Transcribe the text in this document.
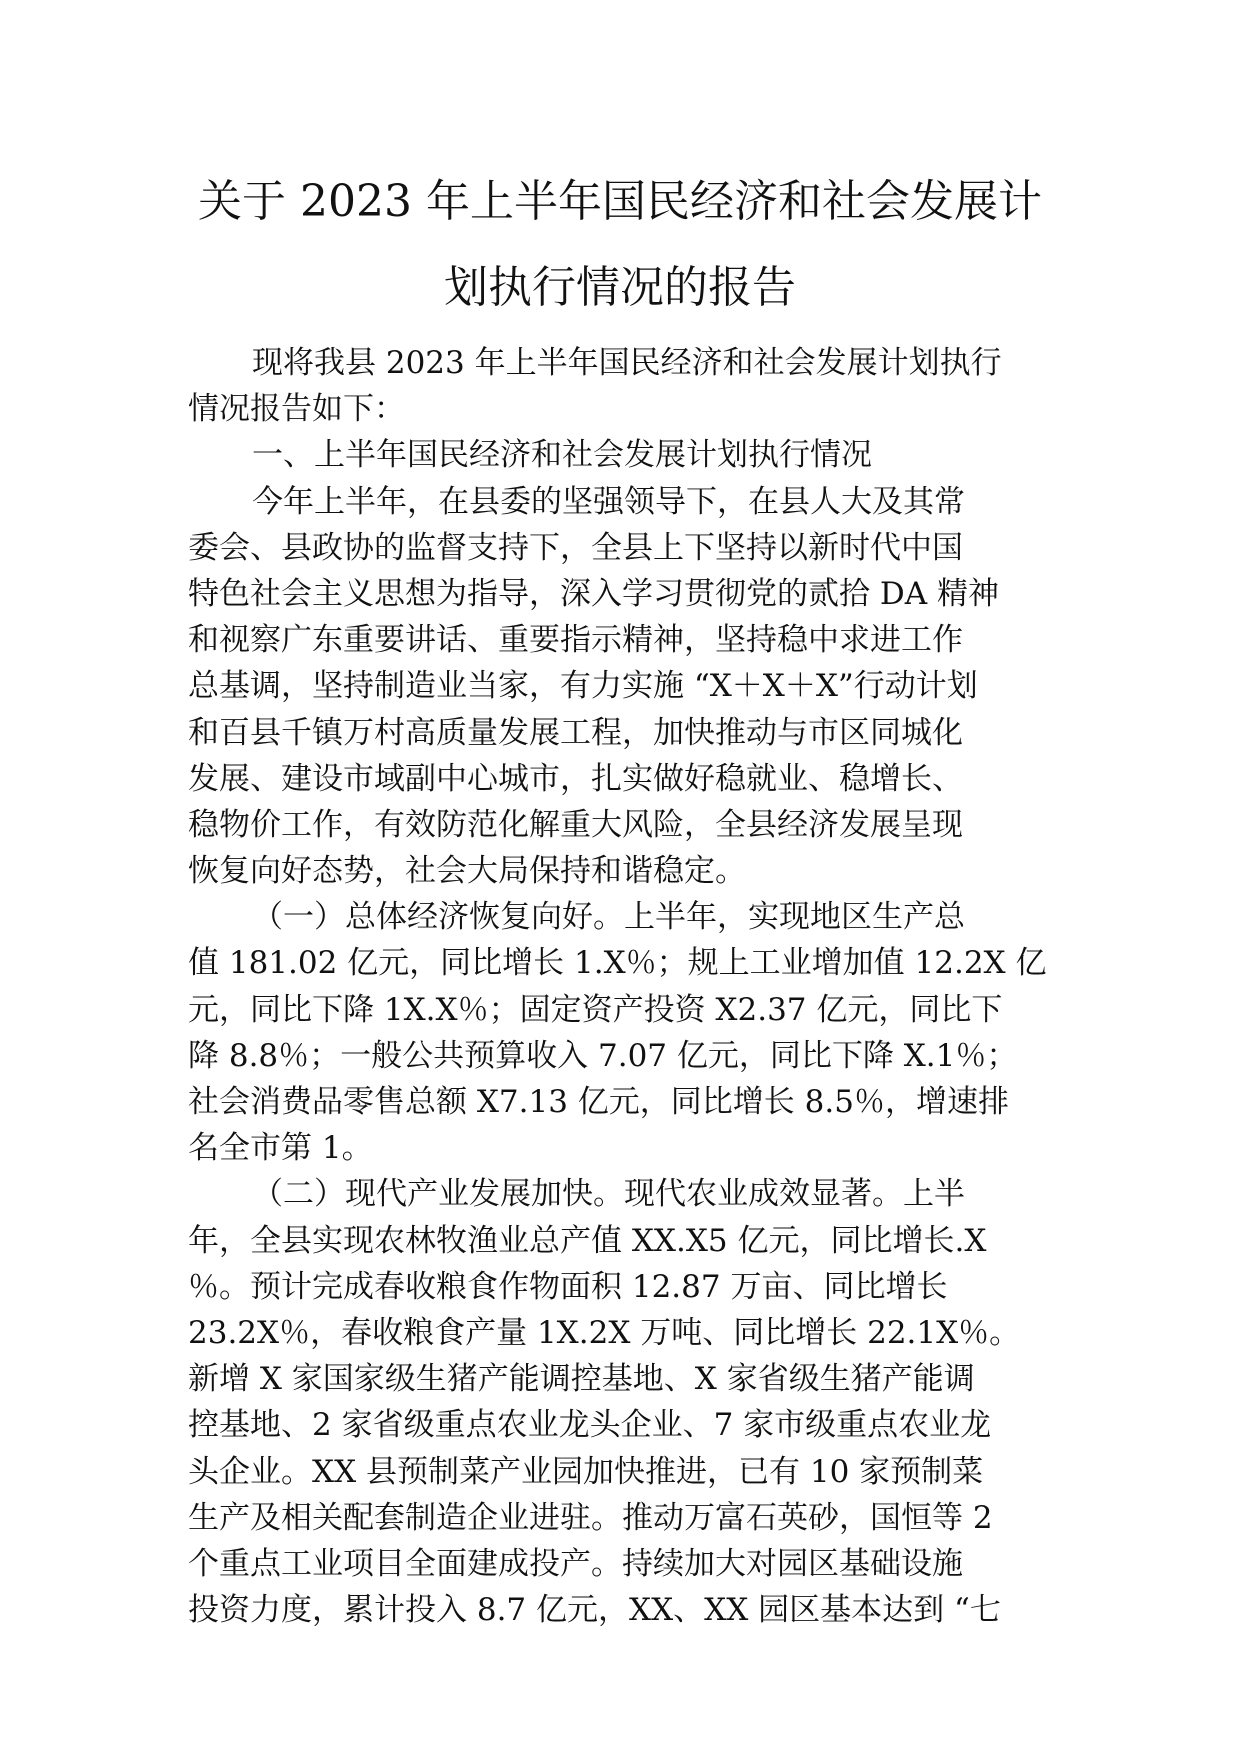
关于 2023 年上半年国民经济和社会发展计
划执行情况的报告
现将我县 2023 年上半年国民经济和社会发展计划执行
情况报告如下：
一、上半年国民经济和社会发展计划执行情况
今年上半年，在县委的坚强领导下，在县人大及其常
委会、县政协的监督支持下，全县上下坚持以新时代中国
特色社会主义思想为指导，深入学习贯彻党的贰拾 DA 精神
和视察广东重要讲话、重要指示精神，坚持稳中求进工作
总基调，坚持制造业当家，有力实施 “X＋X＋X”行动计划
和百县千镇万村高质量发展工程，加快推动与市区同城化
发展、建设市域副中心城市，扎实做好稳就业、稳增长、
稳物价工作，有效防范化解重大风险，全县经济发展呈现
恢复向好态势，社会大局保持和谐稳定。
（一）总体经济恢复向好。上半年，实现地区生产总
值 181.02 亿元，同比增长 1.X％；规上工业增加值 12.2X 亿
元，同比下降 1X.X％；固定资产投资 X2.37 亿元，同比下
降 8.8％；一般公共预算收入 7.07 亿元，同比下降 X.1％；
社会消费品零售总额 X7.13 亿元，同比增长 8.5％，增速排
名全市第 1。
（二）现代产业发展加快。现代农业成效显著。上半
年，全县实现农林牧渔业总产值 XX.X5 亿元，同比增长.X
％。预计完成春收粮食作物面积 12.87 万亩、同比增长
23.2X％，春收粮食产量 1X.2X 万吨、同比增长 22.1X％。
新增 X 家国家级生猪产能调控基地、X 家省级生猪产能调
控基地、2 家省级重点农业龙头企业、7 家市级重点农业龙
头企业。XX 县预制菜产业园加快推进，已有 10 家预制菜
生产及相关配套制造企业进驻。推动万富石英砂，国恒等 2
个重点工业项目全面建成投产。持续加大对园区基础设施
投资力度，累计投入 8.7 亿元，XX、XX 园区基本达到 “七
